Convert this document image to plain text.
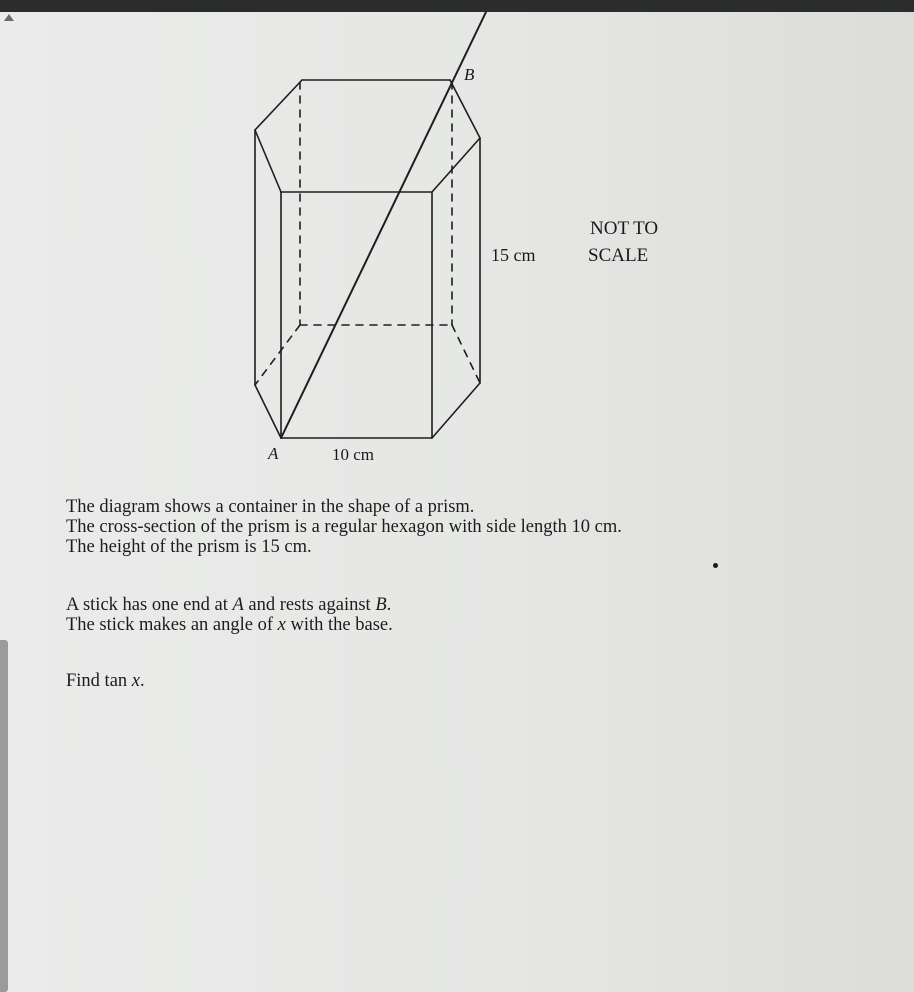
B
A	10 cm
15 cm
NOT TO
SCALE

The diagram shows a container in the shape of a prism.

The cross-section of the prism is a regular hexagon with side length 10 cm.

The height of the prism is 15 cm.

A stick has one end at A and rests against B.

The stick makes an angle of x with the base.

Find tan x.
